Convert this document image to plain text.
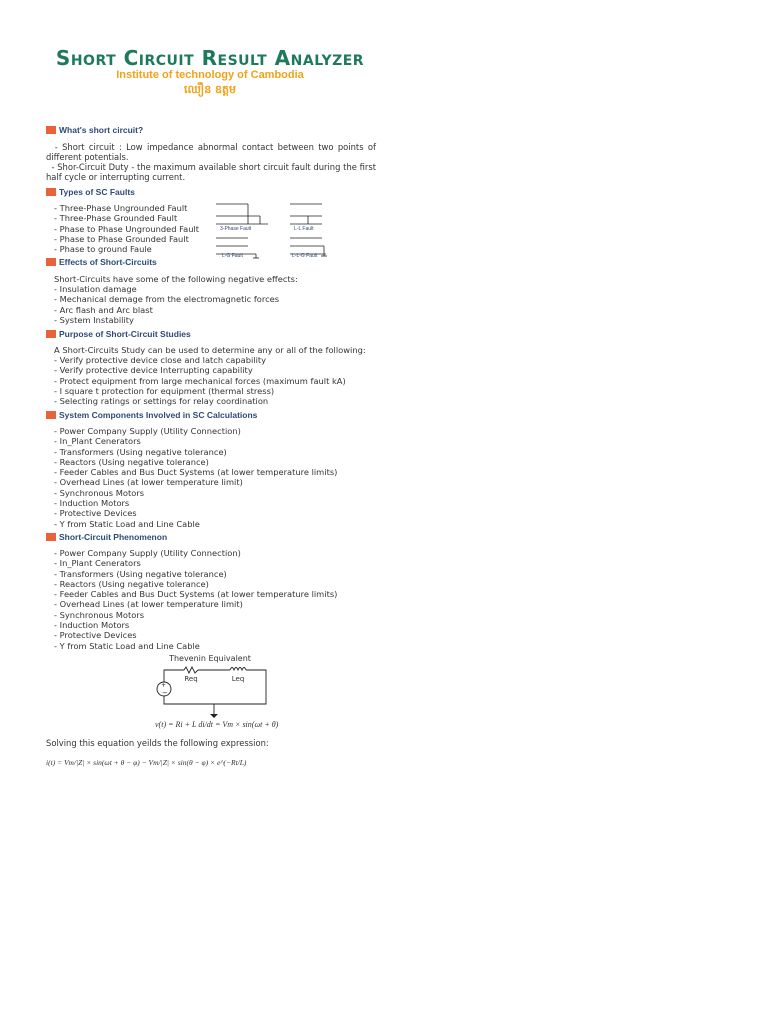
Short Circuit Result Analyzer
Institute of technology of Cambodia
ឈឿន ឧត្តម
What's short circuit?
- Short circuit : Low impedance abnormal contact between two points of different potentials.
- Shor-Circuit Duty - the maximum available short circuit fault during the first half cycle or interrupting current.
Types of SC Faults
- Three-Phase Ungrounded Fault
- Three-Phase Grounded Fault
- Phase to Phase Ungrounded Fault
- Phase to Phase Grounded Fault
- Phase to ground Faule
3-Phase Fault	L-L Fault
L-G Fault	L-L-G Fault
Effects of Short-Circuits
Short-Circuits have some of the following negative effects:
- Insulation damage
- Mechanical demage from the electromagnetic forces
- Arc flash and Arc blast
- System Instability
Purpose of Short-Circuit Studies
A Short-Circuits Study can be used to determine any or all of the following:
- Verify protective device close and latch capability
- Verify protective device Interrupting capability
- Protect equipment from large mechanical forces (maximum fault kA)
- I square t protection for equipment (thermal stress)
- Selecting ratings or settings for relay coordination
System Components Involved in SC Calculations
- Power Company Supply (Utility Connection)
- In_Plant Cenerators
- Transformers (Using negative tolerance)
- Reactors (Using negative tolerance)
- Feeder Cables and Bus Duct Systems (at lower temperature limits)
- Overhead Lines (at lower temperature limit)
- Synchronous Motors
- Induction Motors
- Protective Devices
- Y from Static Load and Line Cable
Short-Circuit Phenomenon
- Power Company Supply (Utility Connection)
- In_Plant Cenerators
- Transformers (Using negative tolerance)
- Reactors (Using negative tolerance)
- Feeder Cables and Bus Duct Systems (at lower temperature limits)
- Overhead Lines (at lower temperature limit)
- Synchronous Motors
- Induction Motors
- Protective Devices
- Y from Static Load and Line Cable
Thevenin Equivalent
+
−
Req	Leq
v(t) = Ri + L di/dt = Vm × sin(ωt + θ)
Solving this equation yeilds the following expression:
i(t) = Vm/|Z| × sin(ωt + θ − φ) − Vm/|Z| × sin(θ − φ) × e^(−Rt/L)
